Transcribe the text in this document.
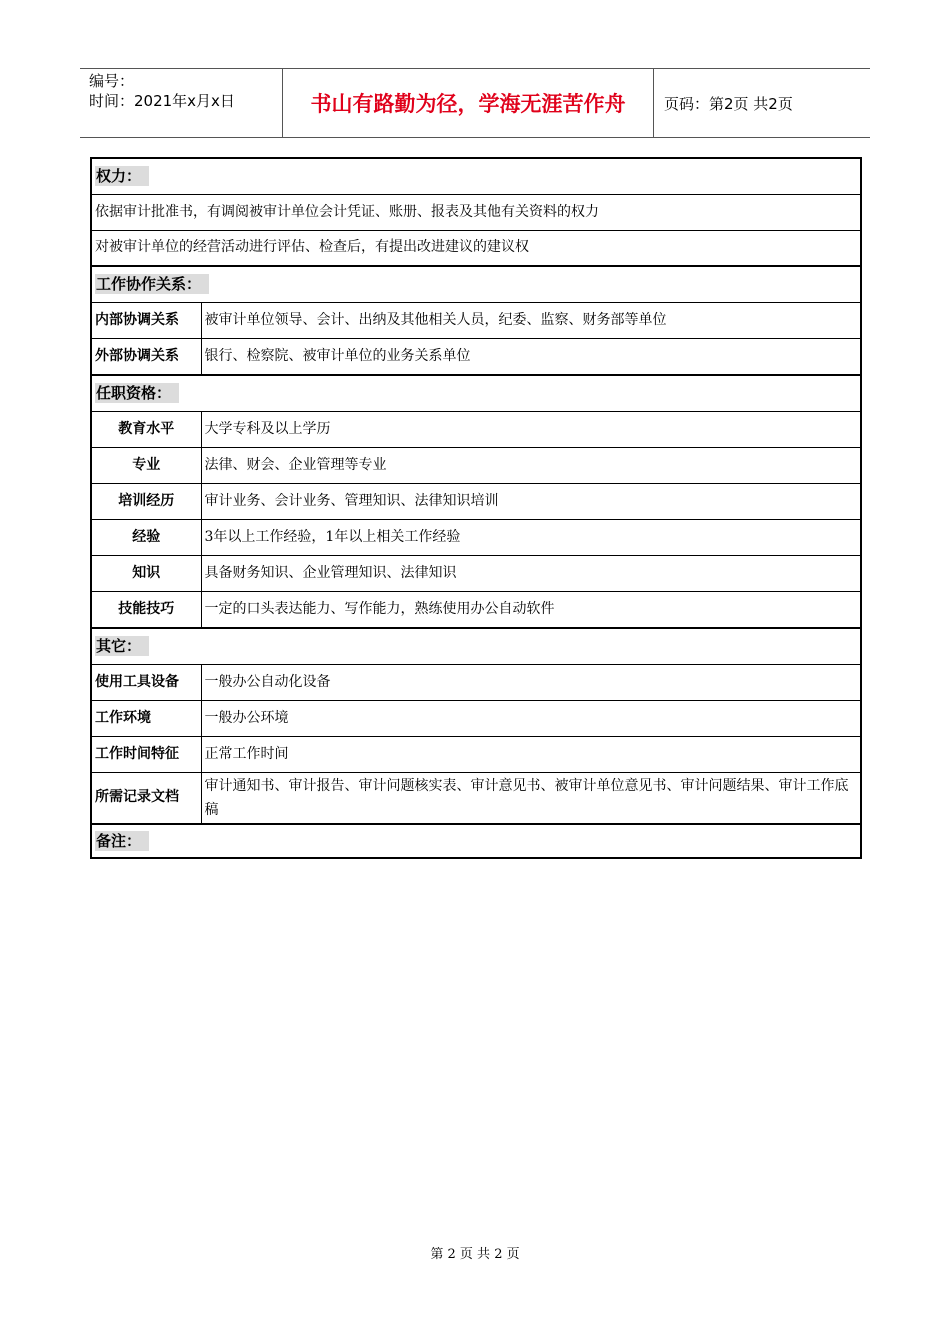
编号：
时间：2021年x月x日	书山有路勤为径，学海无涯苦作舟	页码：第2页 共2页
权力：	
依据审计批准书，有调阅被审计单位会计凭证、账册、报表及其他有关资料的权力	
对被审计单位的经营活动进行评估、检查后，有提出改进建议的建议权	
工作协作关系：	
内部协调关系	被审计单位领导、会计、出纳及其他相关人员，纪委、监察、财务部等单位
外部协调关系	银行、检察院、被审计单位的业务关系单位
任职资格：	
教育水平	大学专科及以上学历
专业	法律、财会、企业管理等专业
培训经历	审计业务、会计业务、管理知识、法律知识培训
经验	3年以上工作经验，1年以上相关工作经验
知识	具备财务知识、企业管理知识、法律知识
技能技巧	一定的口头表达能力、写作能力，熟练使用办公自动软件
其它：	
使用工具设备	一般办公自动化设备
工作环境	一般办公环境
工作时间特征	正常工作时间
所需记录文档	审计通知书、审计报告、审计问题核实表、审计意见书、被审计单位意见书、审计问题结果、审计工作底稿
备注：	
第 2 页 共 2 页
